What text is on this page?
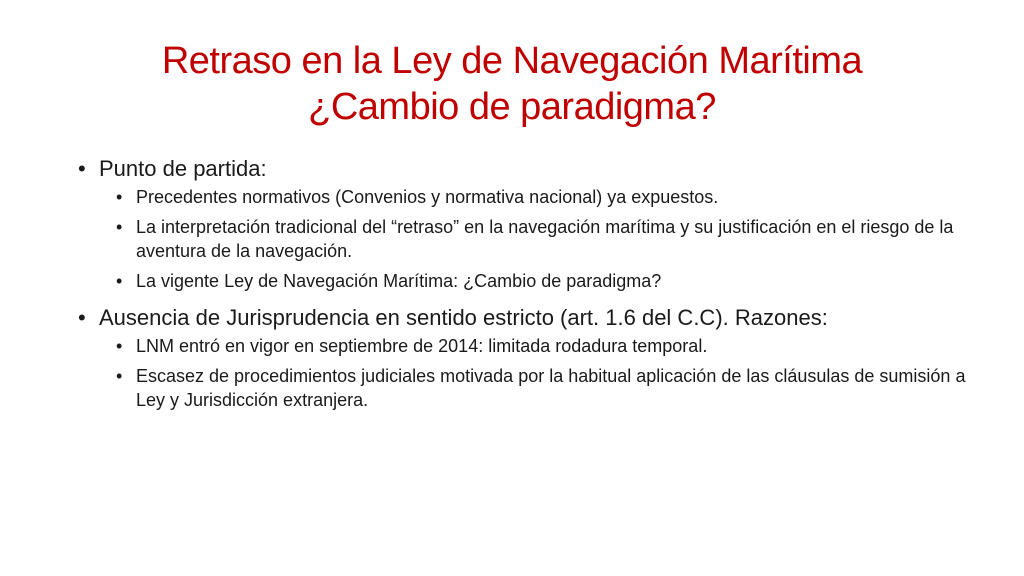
Retraso en la Ley de Navegación Marítima
¿Cambio de paradigma?
• Punto de partida:
• Precedentes normativos (Convenios y normativa nacional) ya expuestos.
• La interpretación tradicional del “retraso” en la navegación marítima y su justificación en el riesgo de la aventura de la navegación.
• La vigente Ley de Navegación Marítima: ¿Cambio de paradigma?
• Ausencia de Jurisprudencia en sentido estricto (art. 1.6 del C.C). Razones:
• LNM entró en vigor en septiembre de 2014: limitada rodadura temporal.
• Escasez de procedimientos judiciales motivada por la habitual aplicación de las cláusulas de sumisión a Ley y Jurisdicción extranjera.
